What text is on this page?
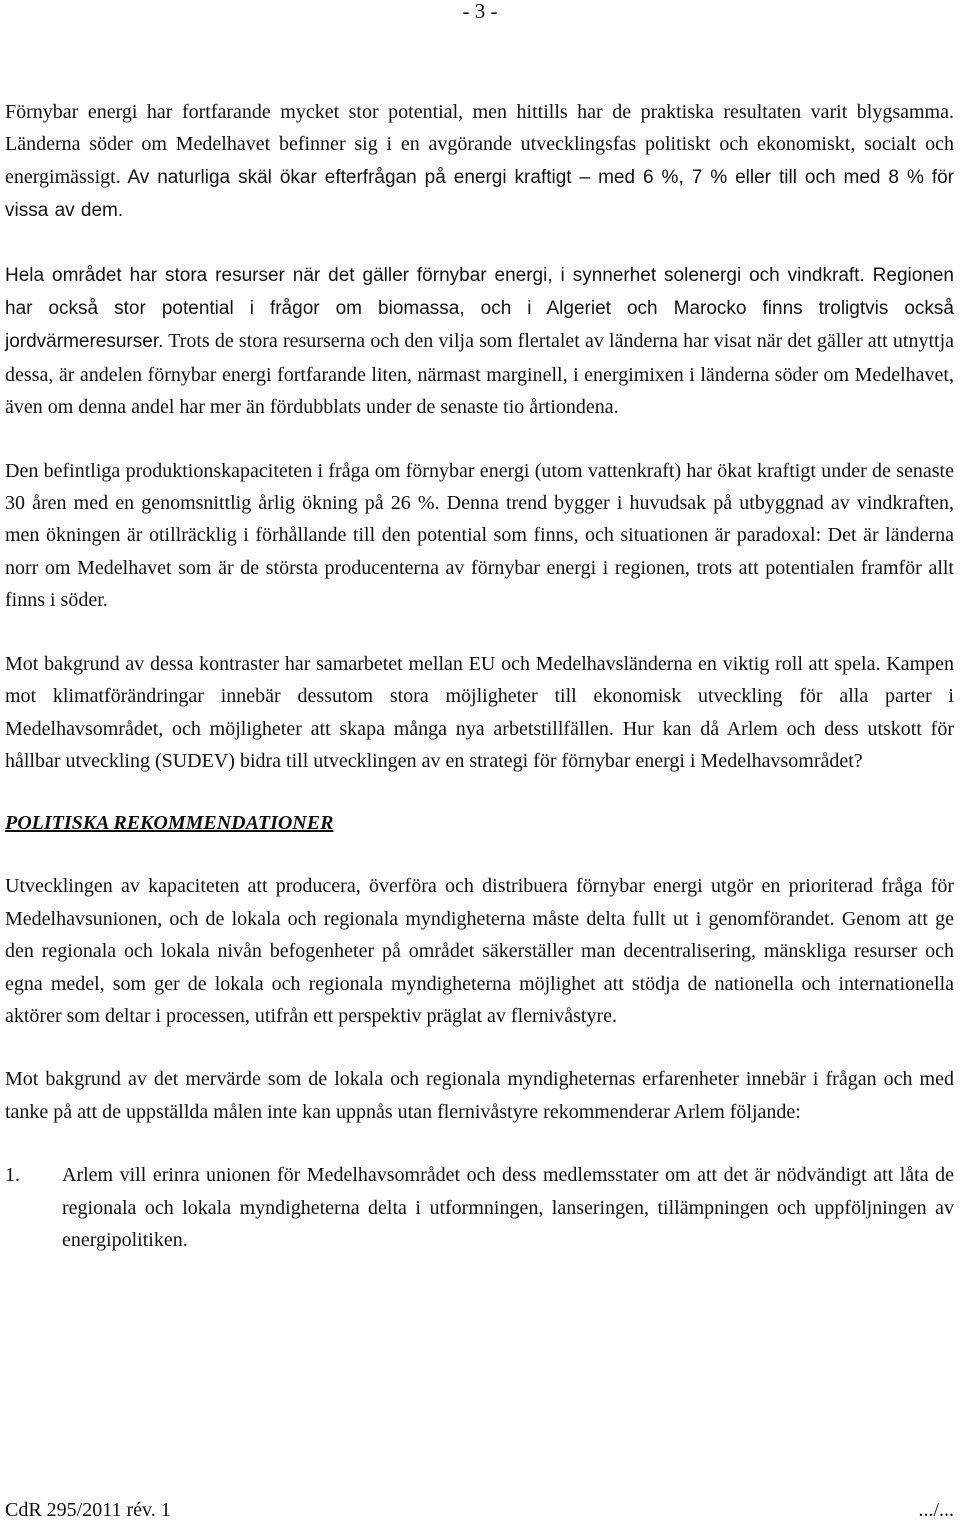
- 3 -

Förnybar energi har fortfarande mycket stor potential, men hittills har de praktiska resultaten varit blygsamma. Länderna söder om Medelhavet befinner sig i en avgörande utvecklingsfas politiskt och ekonomiskt, socialt och energimässigt. Av naturliga skäl ökar efterfrågan på energi kraftigt – med 6 %, 7 % eller till och med 8 % för vissa av dem.

Hela området har stora resurser när det gäller förnybar energi, i synnerhet solenergi och vindkraft. Regionen har också stor potential i frågor om biomassa, och i Algeriet och Marocko finns troligtvis också jordvärmeresurser. Trots de stora resurserna och den vilja som flertalet av länderna har visat när det gäller att utnyttja dessa, är andelen förnybar energi fortfarande liten, närmast marginell, i energimixen i länderna söder om Medelhavet, även om denna andel har mer än fördubblats under de senaste tio årtiondena.

Den befintliga produktionskapaciteten i fråga om förnybar energi (utom vattenkraft) har ökat kraftigt under de senaste 30 åren med en genomsnittlig årlig ökning på 26 %. Denna trend bygger i huvudsak på utbyggnad av vindkraften, men ökningen är otillräcklig i förhållande till den potential som finns, och situationen är paradoxal: Det är länderna norr om Medelhavet som är de största producenterna av förnybar energi i regionen, trots att potentialen framför allt finns i söder.

Mot bakgrund av dessa kontraster har samarbetet mellan EU och Medelhavsländerna en viktig roll att spela. Kampen mot klimatförändringar innebär dessutom stora möjligheter till ekonomisk utveckling för alla parter i Medelhavsområdet, och möjligheter att skapa många nya arbetstillfällen. Hur kan då Arlem och dess utskott för hållbar utveckling (SUDEV) bidra till utvecklingen av en strategi för förnybar energi i Medelhavsområdet?

POLITISKA REKOMMENDATIONER

Utvecklingen av kapaciteten att producera, överföra och distribuera förnybar energi utgör en prioriterad fråga för Medelhavsunionen, och de lokala och regionala myndigheterna måste delta fullt ut i genomförandet. Genom att ge den regionala och lokala nivån befogenheter på området säkerställer man decentralisering, mänskliga resurser och egna medel, som ger de lokala och regionala myndigheterna möjlighet att stödja de nationella och internationella aktörer som deltar i processen, utifrån ett perspektiv präglat av flernivåstyre.

Mot bakgrund av det mervärde som de lokala och regionala myndigheternas erfarenheter innebär i frågan och med tanke på att de uppställda målen inte kan uppnås utan flernivåstyre rekommenderar Arlem följande:

1.	Arlem vill erinra unionen för Medelhavsområdet och dess medlemsstater om att det är nödvändigt att låta de regionala och lokala myndigheterna delta i utformningen, lanseringen, tillämpningen och uppföljningen av energipolitiken.
CdR 295/2011 rév. 1	.../...
